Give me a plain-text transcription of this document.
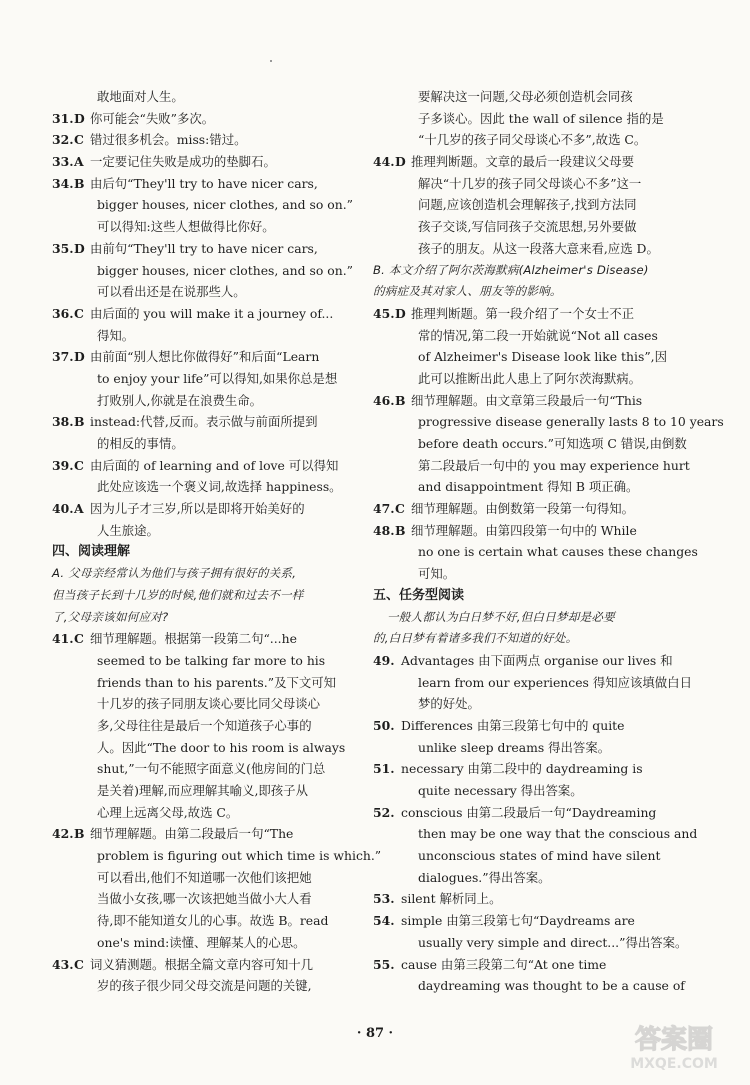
敢地面对人生。
31.D 你可能会“失败”多次。
32.C 错过很多机会。miss:错过。
33.A 一定要记住失败是成功的垫脚石。
34.B 由后句“They'll try to have nicer cars,
bigger houses, nicer clothes, and so on.”
可以得知:这些人想做得比你好。
35.D 由前句“They'll try to have nicer cars,
bigger houses, nicer clothes, and so on.”
可以看出还是在说那些人。
36.C 由后面的 you will make it a journey of...
得知。
37.D 由前面“别人想比你做得好”和后面“Learn
to enjoy your life”可以得知,如果你总是想
打败别人,你就是在浪费生命。
38.B instead:代替,反而。表示做与前面所提到
的相反的事情。
39.C 由后面的 of learning and of love 可以得知
此处应该选一个褒义词,故选择 happiness。
40.A 因为儿子才三岁,所以是即将开始美好的
人生旅途。
四、阅读理解
A. 父母亲经常认为他们与孩子拥有很好的关系,
但当孩子长到十几岁的时候,他们就和过去不一样
了,父母亲该如何应对?
41.C 细节理解题。根据第一段第二句“...he
seemed to be talking far more to his
friends than to his parents.”及下文可知
十几岁的孩子同朋友谈心要比同父母谈心
多,父母往往是最后一个知道孩子心事的
人。因此“The door to his room is always
shut,”一句不能照字面意义(他房间的门总
是关着)理解,而应理解其喻义,即孩子从
心理上远离父母,故选 C。
42.B 细节理解题。由第二段最后一句“The
problem is figuring out which time is which.”
可以看出,他们不知道哪一次他们该把她
当做小女孩,哪一次该把她当做小大人看
待,即不能知道女儿的心事。故选 B。read
one's mind:读懂、理解某人的心思。
43.C 词义猜测题。根据全篇文章内容可知十几
岁的孩子很少同父母交流是问题的关键,
要解决这一问题,父母必须创造机会同孩
子多谈心。因此 the wall of silence 指的是
“十几岁的孩子同父母谈心不多”,故选 C。
44.D 推理判断题。文章的最后一段建议父母要
解决“十几岁的孩子同父母谈心不多”这一
问题,应该创造机会理解孩子,找到方法同
孩子交谈,写信同孩子交流思想,另外要做
孩子的朋友。从这一段落大意来看,应选 D。
B. 本文介绍了阿尔茨海默病(Alzheimer's Disease)
的病症及其对家人、朋友等的影响。
45.D 推理判断题。第一段介绍了一个女士不正
常的情况,第二段一开始就说“Not all cases
of Alzheimer's Disease look like this”,因
此可以推断出此人患上了阿尔茨海默病。
46.B 细节理解题。由文章第三段最后一句“This
progressive disease generally lasts 8 to 10 years
before death occurs.”可知选项 C 错误,由倒数
第二段最后一句中的 you may experience hurt
and disappointment 得知 B 项正确。
47.C 细节理解题。由倒数第一段第一句得知。
48.B 细节理解题。由第四段第一句中的 While
no one is certain what causes these changes
可知。
五、任务型阅读
一般人都认为白日梦不好,但白日梦却是必要
的,白日梦有着诸多我们不知道的好处。
49. Advantages 由下面两点 organise our lives 和
learn from our experiences 得知应该填做白日
梦的好处。
50. Differences 由第三段第七句中的 quite
unlike sleep dreams 得出答案。
51. necessary 由第二段中的 daydreaming is
quite necessary 得出答案。
52. conscious 由第二段最后一句“Daydreaming
then may be one way that the conscious and
unconscious states of mind have silent
dialogues.”得出答案。
53. silent 解析同上。
54. simple 由第三段第七句“Daydreams are
usually very simple and direct...”得出答案。
55. cause 由第三段第二句“At one time
daydreaming was thought to be a cause of
· 87 ·	答案圈
MXQE.COM
